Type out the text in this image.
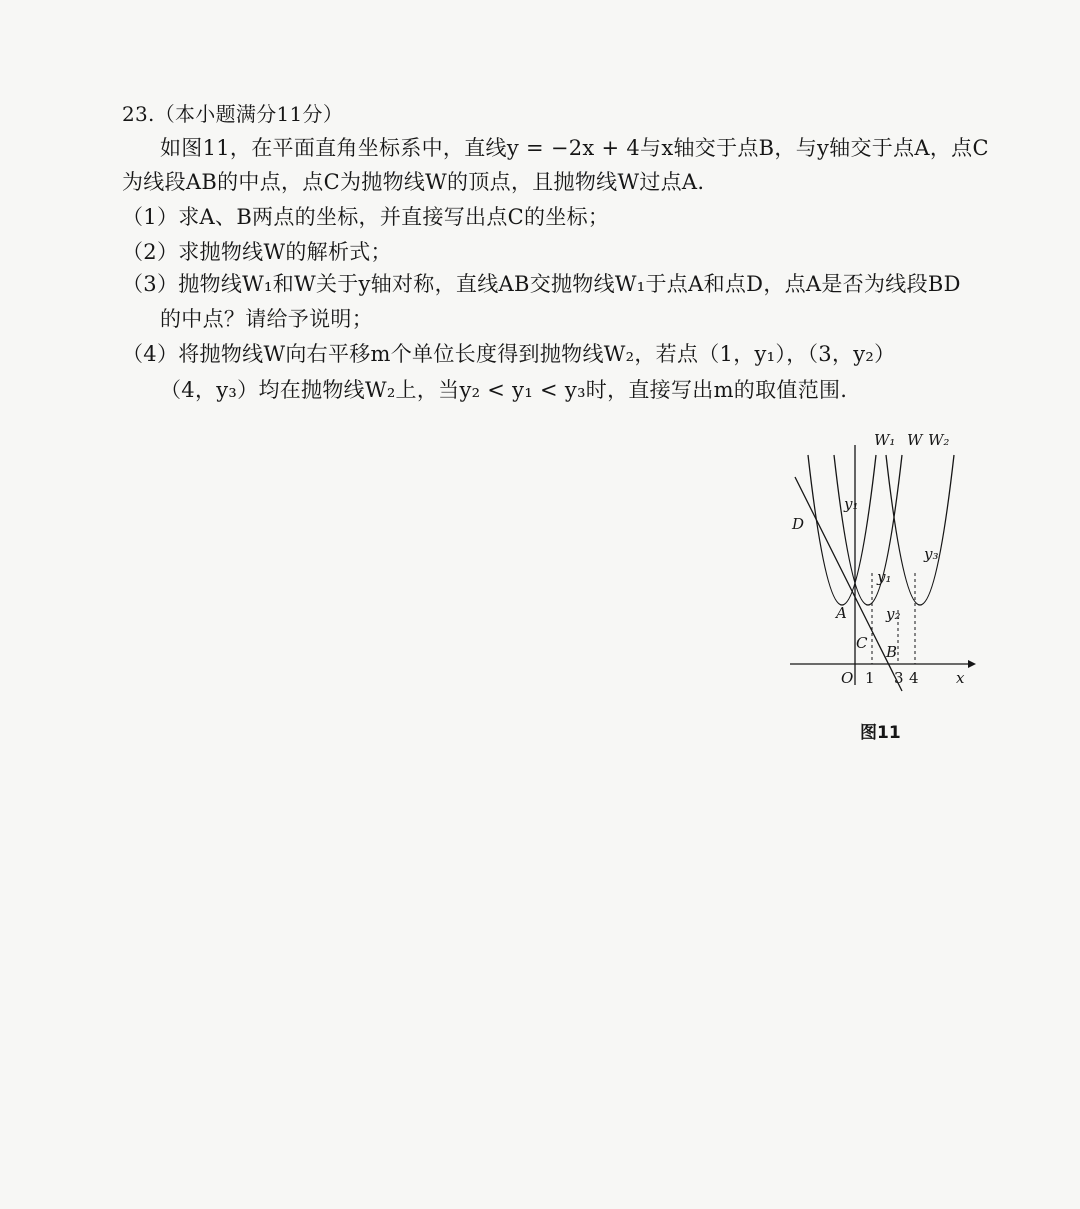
23.（本小题满分11分）
如图11，在平面直角坐标系中，直线y = −2x + 4与x轴交于点B，与y轴交于点A，点C
为线段AB的中点，点C为抛物线W的顶点，且抛物线W过点A.
（1）求A、B两点的坐标，并直接写出点C的坐标；
（2）求抛物线W的解析式；
（3）抛物线W₁和W关于y轴对称，直线AB交抛物线W₁于点A和点D，点A是否为线段BD
的中点？请给予说明；
（4）将抛物线W向右平移m个单位长度得到抛物线W₂，若点（1，y₁），（3，y₂）
（4，y₃）均在抛物线W₂上，当y₂ < y₁ < y₃时，直接写出m的取值范围.
W₁ W W₂
D
A
C B
O 1 3 4 x
y₁
y₁
y₂
y₃
图11
